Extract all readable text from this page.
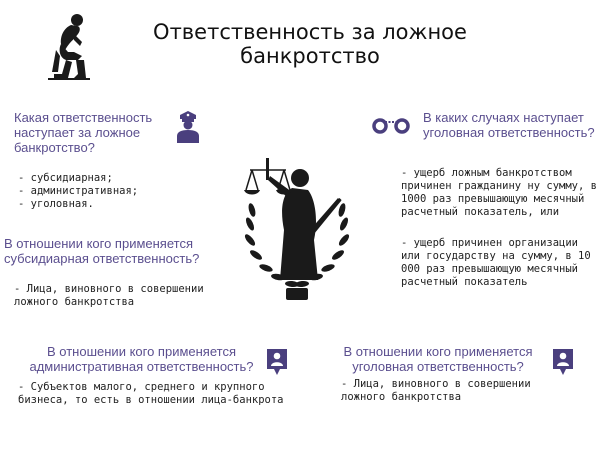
Ответственность за ложное
банкротство
Какая ответственность наступает за ложное банкротство?
- субсидиарная;
- административная;
- уголовная.
В отношении кого применяется субсидиарная ответственность?
- Лица, виновного в совершении ложного банкротства
В каких случаях наступает уголовная ответственность?
- ущерб ложным банкротством причинен гражданину ну сумму, в 1000 раз превышающую месячный расчетный показатель, или
- ущерб причинен организации или государству на сумму, в 10 000 раз превышающую месячный расчетный показатель
В отношении кого применяется административная ответственность?
- Субъектов малого, среднего и крупного бизнеса, то есть в отношении лица-банкрота
В отношении кого применяется уголовная ответственность?
- Лица, виновного в совершении ложного банкротства
